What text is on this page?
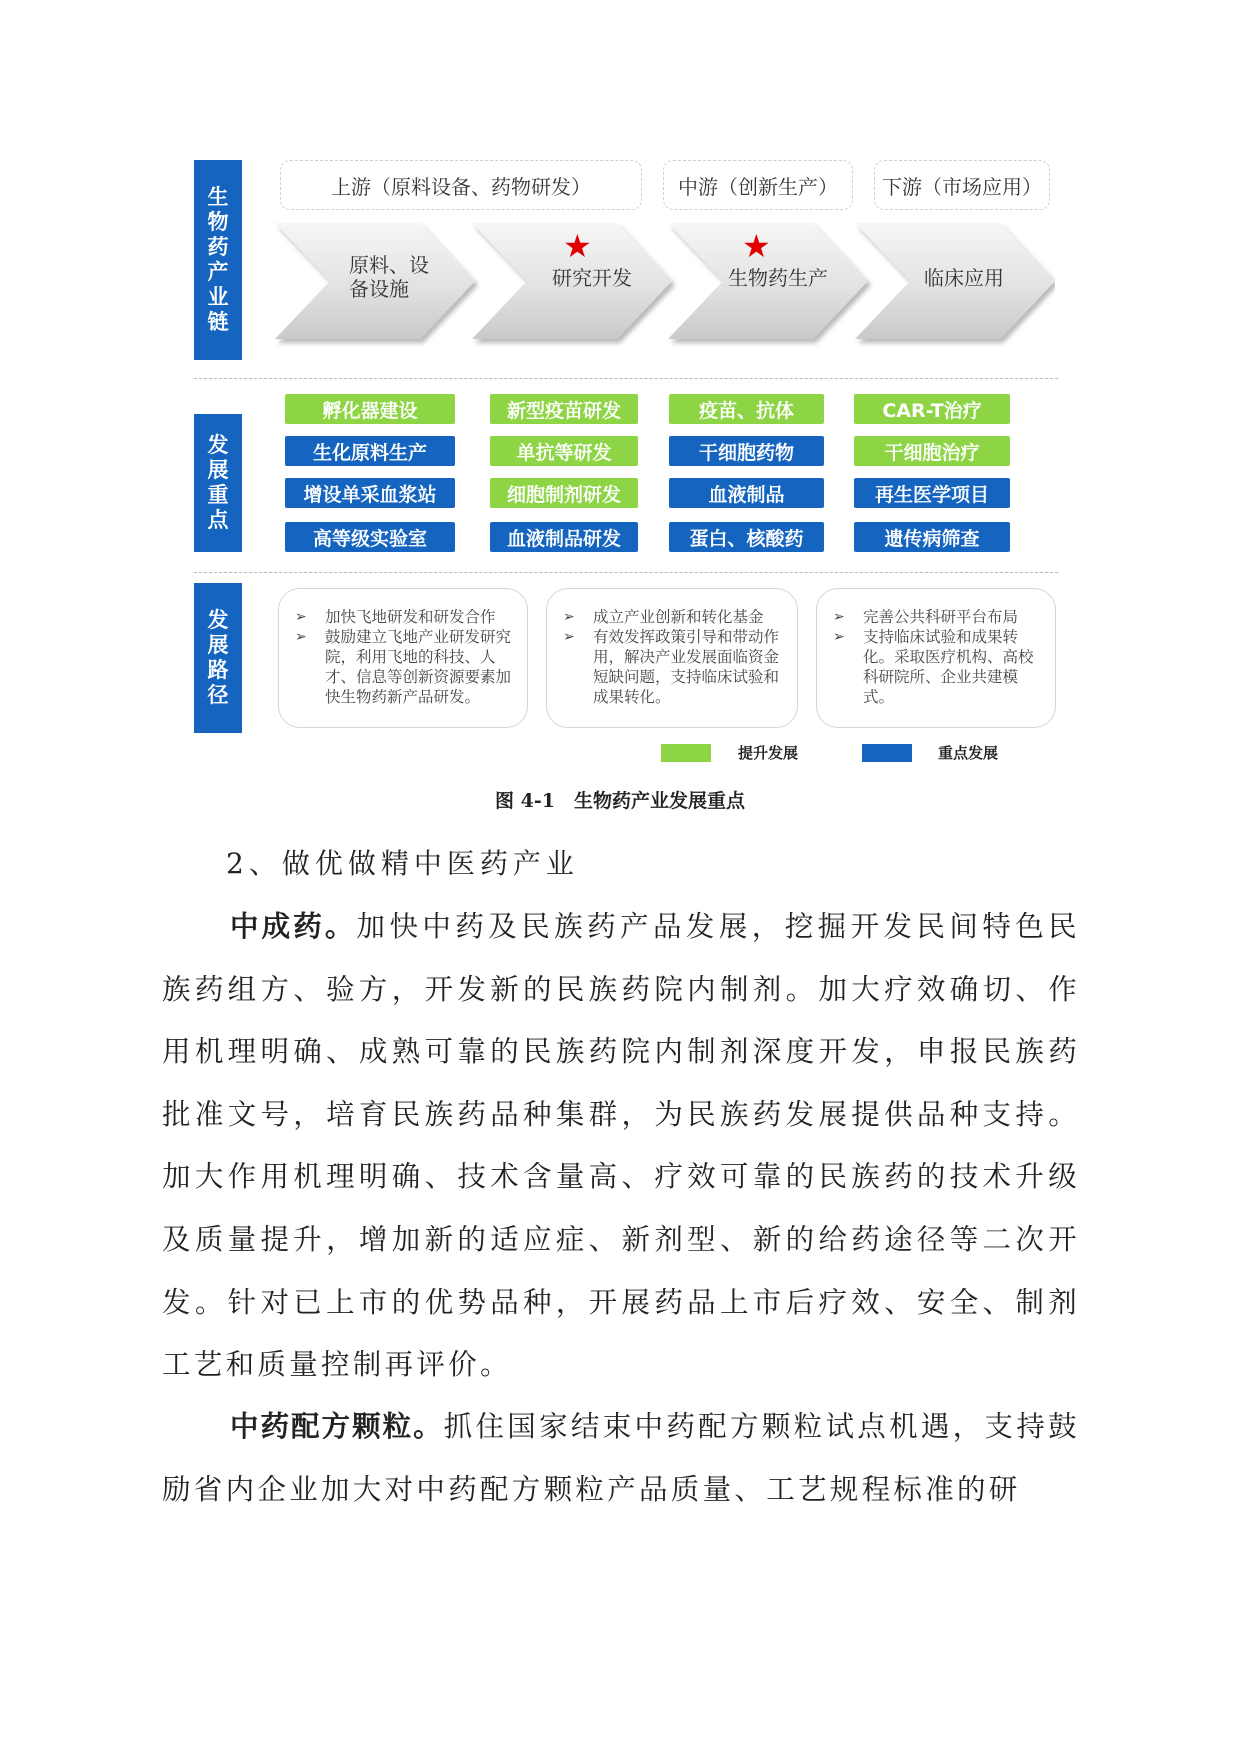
生物药产业链
发展重点
发展路径
上游（原料设备、药物研发）	中游（创新生产）	下游（市场应用）
原料、设
备设施
★
研究开发
★
生物药生产	临床应用
孵化器建设
生化原料生产
增设单采血浆站
高等级实验室
新型疫苗研发
单抗等研发
细胞制剂研发
血液制品研发
疫苗、抗体
干细胞药物
血液制品
蛋白、核酸药
CAR-T治疗
干细胞治疗
再生医学项目
遗传病筛查
➢ 加快飞地研发和研发合作
➢ 鼓励建立飞地产业研发研究院，利用飞地的科技、人才、信息等创新资源要素加快生物药新产品研发。
➢ 成立产业创新和转化基金
➢ 有效发挥政策引导和带动作用，解决产业发展面临资金短缺问题，支持临床试验和成果转化。
➢ 完善公共科研平台布局
➢ 支持临床试验和成果转化。采取医疗机构、高校科研院所、企业共建模式。
提升发展	重点发展
图 4-1　生物药产业发展重点
2、做优做精中医药产业

中成药。加快中药及民族药产品发展，挖掘开发民间特色民族药组方、验方，开发新的民族药院内制剂。加大疗效确切、作用机理明确、成熟可靠的民族药院内制剂深度开发，申报民族药批准文号，培育民族药品种集群，为民族药发展提供品种支持。加大作用机理明确、技术含量高、疗效可靠的民族药的技术升级及质量提升，增加新的适应症、新剂型、新的给药途径等二次开发。针对已上市的优势品种，开展药品上市后疗效、安全、制剂工艺和质量控制再评价。

中药配方颗粒。抓住国家结束中药配方颗粒试点机遇，支持鼓励省内企业加大对中药配方颗粒产品质量、工艺规程标准的研
